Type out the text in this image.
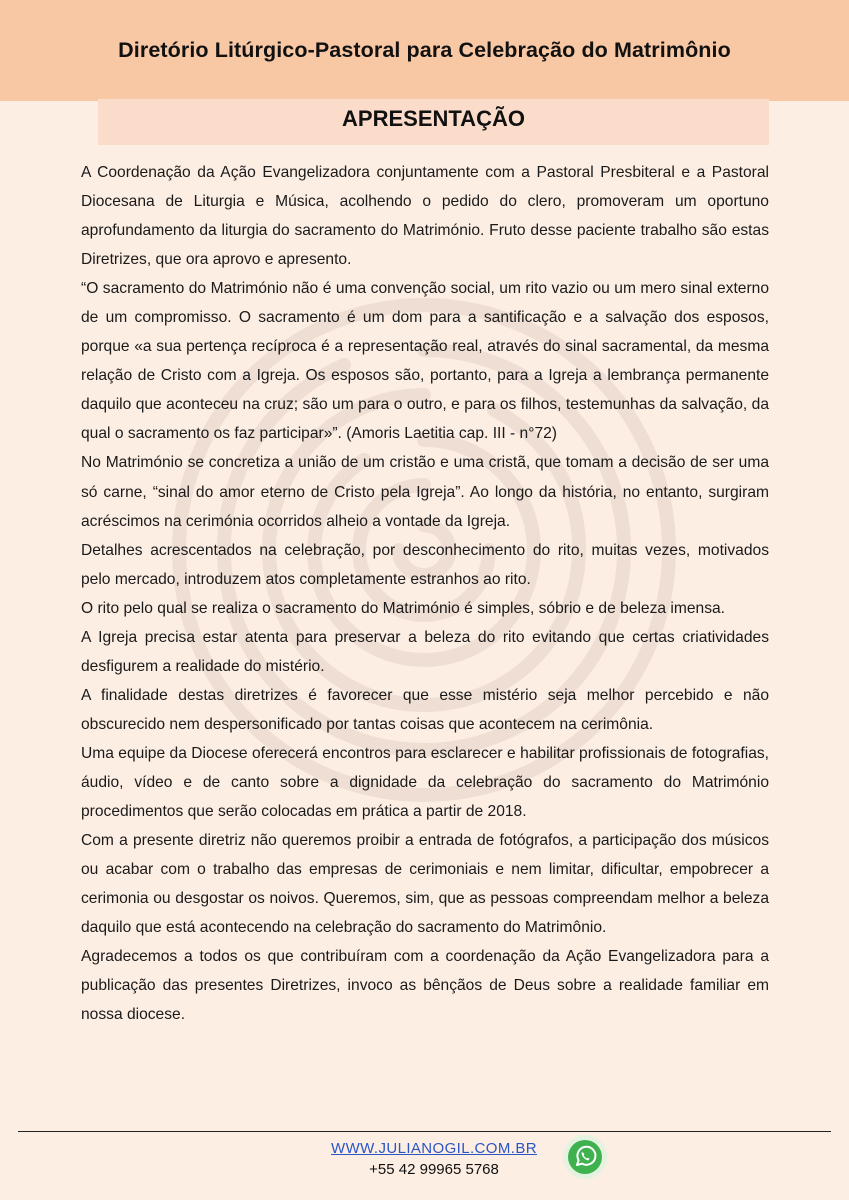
Diretório Litúrgico-Pastoral para Celebração do Matrimônio
APRESENTAÇÃO

A Coordenação da Ação Evangelizadora conjuntamente com a Pastoral Presbiteral e a Pastoral Diocesana de Liturgia e Música, acolhendo o pedido do clero, promoveram um oportuno aprofundamento da liturgia do sacramento do Matrimónio. Fruto desse paciente trabalho são estas Diretrizes, que ora aprovo e apresento.

“O sacramento do Matrimónio não é uma convenção social, um rito vazio ou um mero sinal externo de um compromisso. O sacramento é um dom para a santificação e a salvação dos esposos, porque «a sua pertença recíproca é a representação real, através do sinal sacramental, da mesma relação de Cristo com a Igreja. Os esposos são, portanto, para a Igreja a lembrança permanente daquilo que aconteceu na cruz; são um para o outro, e para os filhos, testemunhas da salvação, da qual o sacramento os faz participar»”. (Amoris Laetitia cap. III - n°72)

No Matrimónio se concretiza a união de um cristão e uma cristã, que tomam a decisão de ser uma só carne, “sinal do amor eterno de Cristo pela Igreja”. Ao longo da história, no entanto, surgiram acréscimos na cerimónia ocorridos alheio a vontade da Igreja.

Detalhes acrescentados na celebração, por desconhecimento do rito, muitas vezes, motivados pelo mercado, introduzem atos completamente estranhos ao rito.

O rito pelo qual se realiza o sacramento do Matrimónio é simples, sóbrio e de beleza imensa.

A Igreja precisa estar atenta para preservar a beleza do rito evitando que certas criatividades desfigurem a realidade do mistério.

A finalidade destas diretrizes é favorecer que esse mistério seja melhor percebido e não obscurecido nem despersonificado por tantas coisas que acontecem na cerimônia.

Uma equipe da Diocese oferecerá encontros para esclarecer e habilitar profissionais de fotografias, áudio, vídeo e de canto sobre a dignidade da celebração do sacramento do Matrimónio procedimentos que serão colocadas em prática a partir de 2018.

Com a presente diretriz não queremos proibir a entrada de fotógrafos, a participação dos músicos ou acabar com o trabalho das empresas de cerimoniais e nem limitar, dificultar, empobrecer a cerimonia ou desgostar os noivos. Queremos, sim, que as pessoas compreendam melhor a beleza daquilo que está acontecendo na celebração do sacramento do Matrimônio.

Agradecemos a todos os que contribuíram com a coordenação da Ação Evangelizadora para a publicação das presentes Diretrizes, invoco as bênçãos de Deus sobre a realidade familiar em nossa diocese.

WWW.JULIANOGIL.COM.BR
+55 42 99965 5768
